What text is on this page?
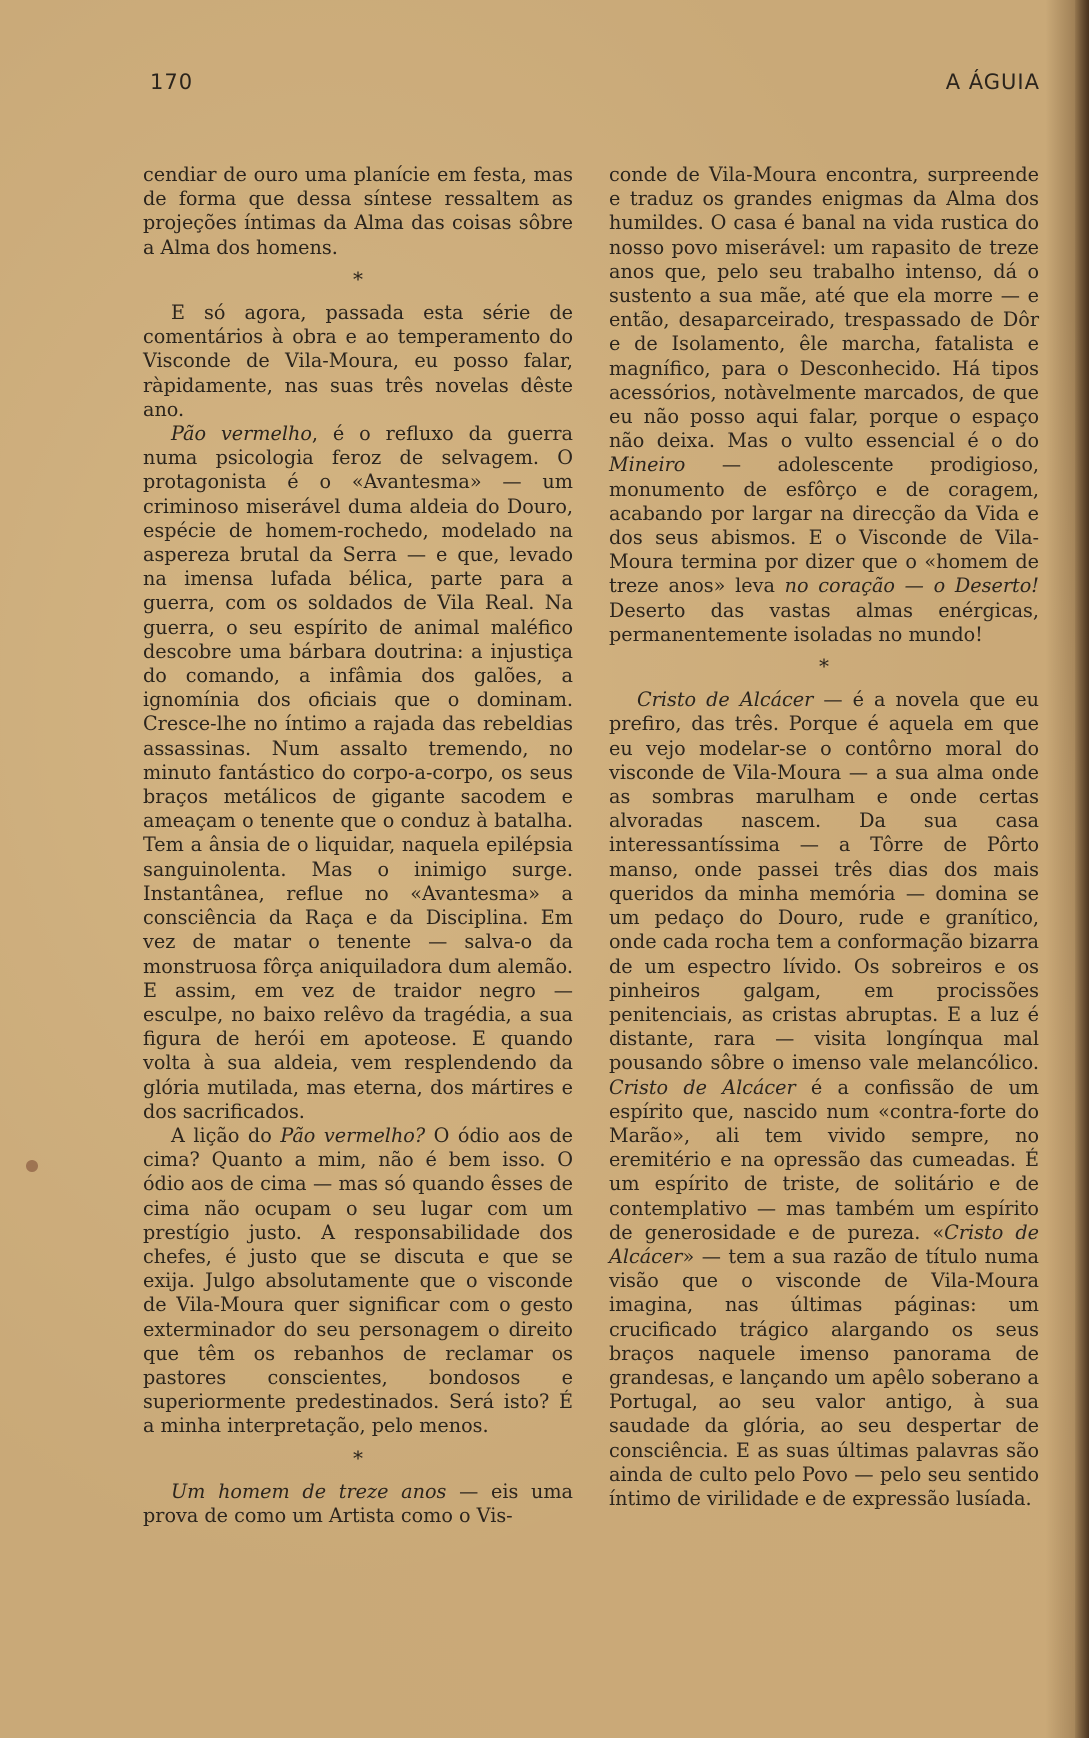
170	A ÁGUIA

cendiar de ouro uma planície em festa, mas de forma que dessa síntese ressaltem as projeções íntimas da Alma das coisas sôbre a Alma dos homens.

*

E só agora, passada esta série de comentários à obra e ao temperamento do Visconde de Vila-Moura, eu posso falar, ràpidamente, nas suas três novelas dêste ano.

Pão vermelho, é o refluxo da guerra numa psicologia feroz de selvagem. O protagonista é o «Avantesma» — um criminoso miserável duma aldeia do Douro, espécie de homem-rochedo, modelado na aspereza brutal da Serra — e que, levado na imensa lufada bélica, parte para a guerra, com os soldados de Vila Real. Na guerra, o seu espírito de animal maléfico descobre uma bárbara doutrina: a injustiça do comando, a infâmia dos galões, a ignomínia dos oficiais que o dominam. Cresce-lhe no íntimo a rajada das rebeldias assassinas. Num assalto tremendo, no minuto fantástico do corpo-a-corpo, os seus braços metálicos de gigante sacodem e ameaçam o tenente que o conduz à batalha. Tem a ânsia de o liquidar, naquela epilépsia sanguinolenta. Mas o inimigo surge. Instantânea, reflue no «Avantesma» a consciência da Raça e da Disciplina. Em vez de matar o tenente — salva-o da monstruosa fôrça aniquiladora dum alemão. E assim, em vez de traidor negro — esculpe, no baixo relêvo da tragédia, a sua figura de herói em apoteose. E quando volta à sua aldeia, vem resplendendo da glória mutilada, mas eterna, dos mártires e dos sacrificados.

A lição do Pão vermelho? O ódio aos de cima? Quanto a mim, não é bem isso. O ódio aos de cima — mas só quando êsses de cima não ocupam o seu lugar com um prestígio justo. A responsabilidade dos chefes, é justo que se discuta e que se exija. Julgo absolutamente que o visconde de Vila-Moura quer significar com o gesto exterminador do seu personagem o direito que têm os rebanhos de reclamar os pastores conscientes, bondosos e superiormente predestinados. Será isto? É a minha interpretação, pelo menos.

*

Um homem de treze anos — eis uma prova de como um Artista como o Vis-

conde de Vila-Moura encontra, surpreende e traduz os grandes enigmas da Alma dos humildes. O casa é banal na vida rustica do nosso povo miserável: um rapasito de treze anos que, pelo seu trabalho intenso, dá o sustento a sua mãe, até que ela morre — e então, desaparceirado, trespassado de Dôr e de Isolamento, êle marcha, fatalista e magnífico, para o Desconhecido. Há tipos acessórios, notàvelmente marcados, de que eu não posso aqui falar, porque o espaço não deixa. Mas o vulto essencial é o do Mineiro — adolescente prodigioso, monumento de esfôrço e de coragem, acabando por largar na direcção da Vida e dos seus abismos. E o Visconde de Vila-Moura termina por dizer que o «homem de treze anos» leva no coração — o Deserto! Deserto das vastas almas enérgicas, permanentemente isoladas no mundo!

*

Cristo de Alcácer — é a novela que eu prefiro, das três. Porque é aquela em que eu vejo modelar-se o contôrno moral do visconde de Vila-Moura — a sua alma onde as sombras marulham e onde certas alvoradas nascem. Da sua casa interessantíssima — a Tôrre de Pôrto manso, onde passei três dias dos mais queridos da minha memória — domina se um pedaço do Douro, rude e granítico, onde cada rocha tem a conformação bizarra de um espectro lívido. Os sobreiros e os pinheiros galgam, em procissões penitenciais, as cristas abruptas. E a luz é distante, rara — visita longínqua mal pousando sôbre o imenso vale melancólico. Cristo de Alcácer é a confissão de um espírito que, nascido num «contra-forte do Marão», ali tem vivido sempre, no eremitério e na opressão das cumeadas. É um espírito de triste, de solitário e de contemplativo — mas também um espírito de generosidade e de pureza. «Cristo de Alcácer» — tem a sua razão de título numa visão que o visconde de Vila-Moura imagina, nas últimas páginas: um crucificado trágico alargando os seus braços naquele imenso panorama de grandesas, e lançando um apêlo soberano a Portugal, ao seu valor antigo, à sua saudade da glória, ao seu despertar de consciência. E as suas últimas palavras são ainda de culto pelo Povo — pelo seu sentido íntimo de virilidade e de expressão lusíada.
